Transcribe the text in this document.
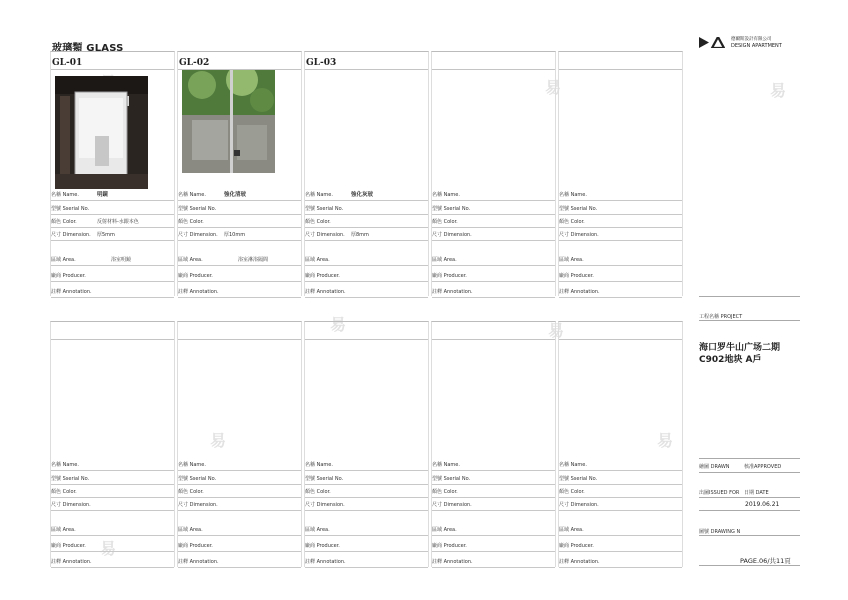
易	易
易	易
易	易
易
玻璃類 GLASS
德爾斯設計有限公司
DESIGN APARTMENT
GL-01
名稱 Name.	明鏡
型號 Sserial No.
顏色 Color.	反射材料-水銀本色
尺寸 Dimension. 厚5mm
區域 Area.	浴室明鏡
廠商 Producer.
註釋 Annotation.
GL-02
名稱 Name.	強化清玻
型號 Sserial No.
顏色 Color.
尺寸 Dimension. 厚10mm
區域 Area.	浴室淋浴隔間
廠商 Producer.
註釋 Annotation.
GL-03
名稱 Name.	強化灰玻
型號 Sserial No.
顏色 Color.
尺寸 Dimension. 厚8mm
區域 Area.
廠商 Producer.
註釋 Annotation.
名稱 Name.
型號 Sserial No.
顏色 Color.
尺寸 Dimension.
區域 Area.
廠商 Producer.
註釋 Annotation.
名稱 Name.
型號 Sserial No.
顏色 Color.
尺寸 Dimension.
區域 Area.
廠商 Producer.
註釋 Annotation.
名稱 Name.
型號 Sserial No.
顏色 Color.
尺寸 Dimension.
區域 Area.
廠商 Producer.
註釋 Annotation.
名稱 Name.
型號 Sserial No.
顏色 Color.
尺寸 Dimension.
區域 Area.
廠商 Producer.
註釋 Annotation.
名稱 Name.
型號 Sserial No.
顏色 Color.
尺寸 Dimension.
區域 Area.
廠商 Producer.
註釋 Annotation.
名稱 Name.
型號 Sserial No.
顏色 Color.
尺寸 Dimension.
區域 Area.
廠商 Producer.
註釋 Annotation.
名稱 Name.
型號 Sserial No.
顏色 Color.
尺寸 Dimension.
區域 Area.
廠商 Producer.
註釋 Annotation.
工程名稱 PROJECT
海口罗牛山广场二期
C902地块 A戶
繪圖 DRAWN	核准APPROVED
出圖ISSUED FOR 日期 DATE
2019.06.21
圖號 DRAWING N
PAGE.06/共11頁
